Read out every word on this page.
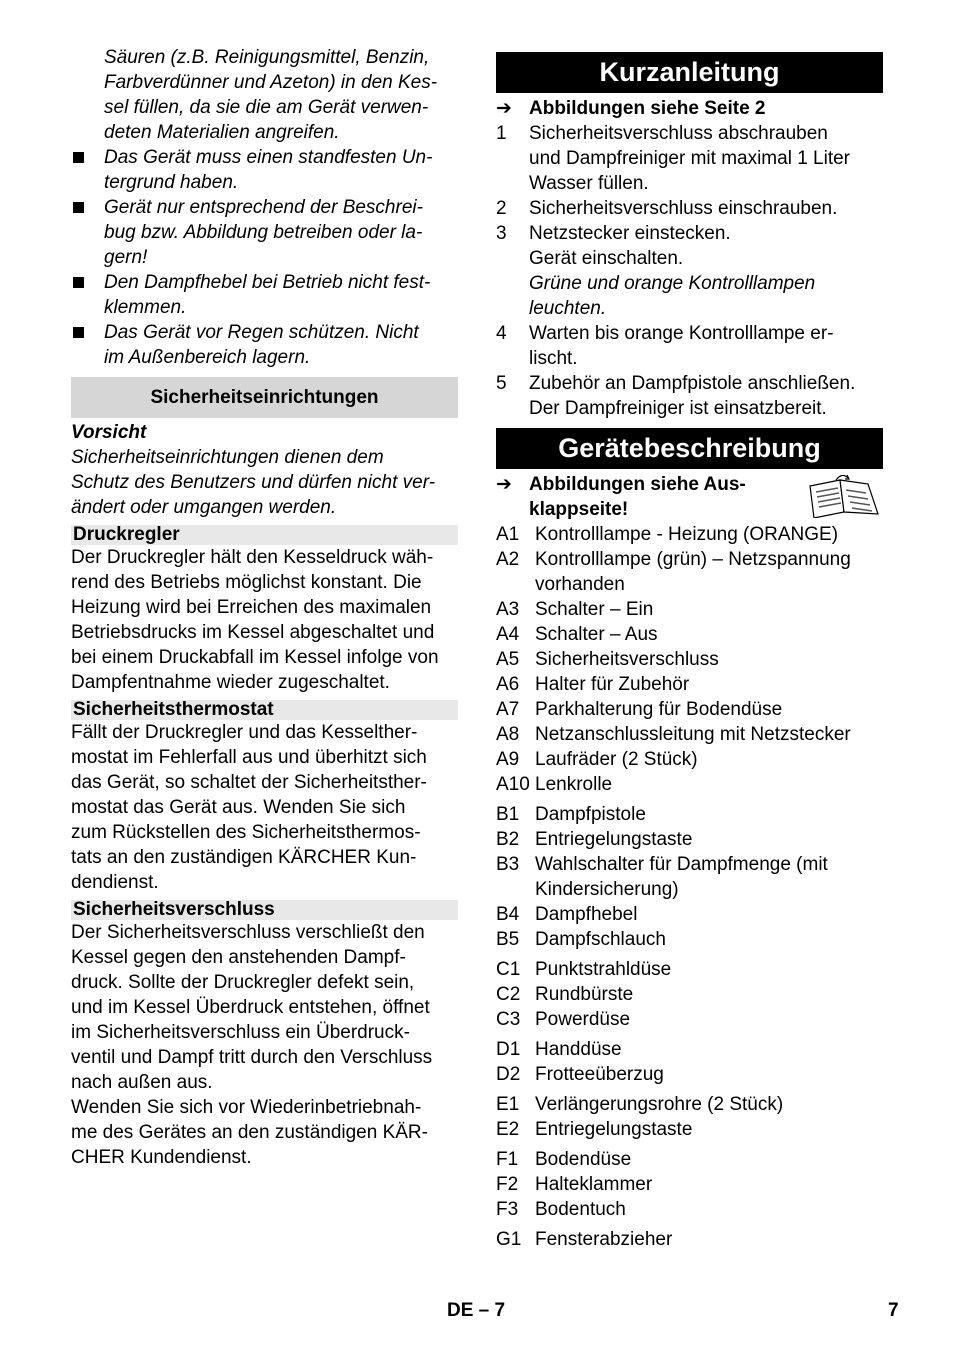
Säuren (z.B. Reinigungsmittel, Benzin,
Farbverdünner und Azeton) in den Kes-
sel füllen, da sie die am Gerät verwen-
deten Materialien angreifen.
Das Gerät muss einen standfesten Un-
tergrund haben.
Gerät nur entsprechend der Beschrei-
bug bzw. Abbildung betreiben oder la-
gern!
Den Dampfhebel bei Betrieb nicht fest-
klemmen.
Das Gerät vor Regen schützen. Nicht
im Außenbereich lagern.
Sicherheitseinrichtungen
Vorsicht
Sicherheitseinrichtungen dienen dem
Schutz des Benutzers und dürfen nicht ver-
ändert oder umgangen werden.
Druckregler
Der Druckregler hält den Kesseldruck wäh-
rend des Betriebs möglichst konstant. Die
Heizung wird bei Erreichen des maximalen
Betriebsdrucks im Kessel abgeschaltet und
bei einem Druckabfall im Kessel infolge von
Dampfentnahme wieder zugeschaltet.
Sicherheitsthermostat
Fällt der Druckregler und das Kesselther-
mostat im Fehlerfall aus und überhitzt sich
das Gerät, so schaltet der Sicherheitsther-
mostat das Gerät aus. Wenden Sie sich
zum Rückstellen des Sicherheitsthermos-
tats an den zuständigen KÄRCHER Kun-
dendienst.
Sicherheitsverschluss
Der Sicherheitsverschluss verschließt den
Kessel gegen den anstehenden Dampf-
druck. Sollte der Druckregler defekt sein,
und im Kessel Überdruck entstehen, öffnet
im Sicherheitsverschluss ein Überdruck-
ventil und Dampf tritt durch den Verschluss
nach außen aus.
Wenden Sie sich vor Wiederinbetriebnah-
me des Gerätes an den zuständigen KÄR-
CHER Kundendienst.
Kurzanleitung
➔ Abbildungen siehe Seite 2
1 Sicherheitsverschluss abschrauben
und Dampfreiniger mit maximal 1 Liter
Wasser füllen.
2 Sicherheitsverschluss einschrauben.
3 Netzstecker einstecken.
Gerät einschalten.
Grüne und orange Kontrolllampen
leuchten.
4 Warten bis orange Kontrolllampe er-
lischt.
5 Zubehör an Dampfpistole anschließen.
Der Dampfreiniger ist einsatzbereit.
Gerätebeschreibung
➔ Abbildungen siehe Aus-
klappseite!
A1 Kontrolllampe - Heizung (ORANGE)
A2 Kontrolllampe (grün) – Netzspannung
vorhanden
A3 Schalter – Ein
A4 Schalter – Aus
A5 Sicherheitsverschluss
A6 Halter für Zubehör
A7 Parkhalterung für Bodendüse
A8 Netzanschlussleitung mit Netzstecker
A9 Laufräder (2 Stück)
A10 Lenkrolle
B1 Dampfpistole
B2 Entriegelungstaste
B3 Wahlschalter für Dampfmenge (mit
Kindersicherung)
B4 Dampfhebel
B5 Dampfschlauch
C1 Punktstrahldüse
C2 Rundbürste
C3 Powerdüse
D1 Handdüse
D2 Frotteeüberzug
E1 Verlängerungsrohre (2 Stück)
E2 Entriegelungstaste
F1 Bodendüse
F2 Halteklammer
F3 Bodentuch
G1 Fensterabzieher
DE – 7	7
